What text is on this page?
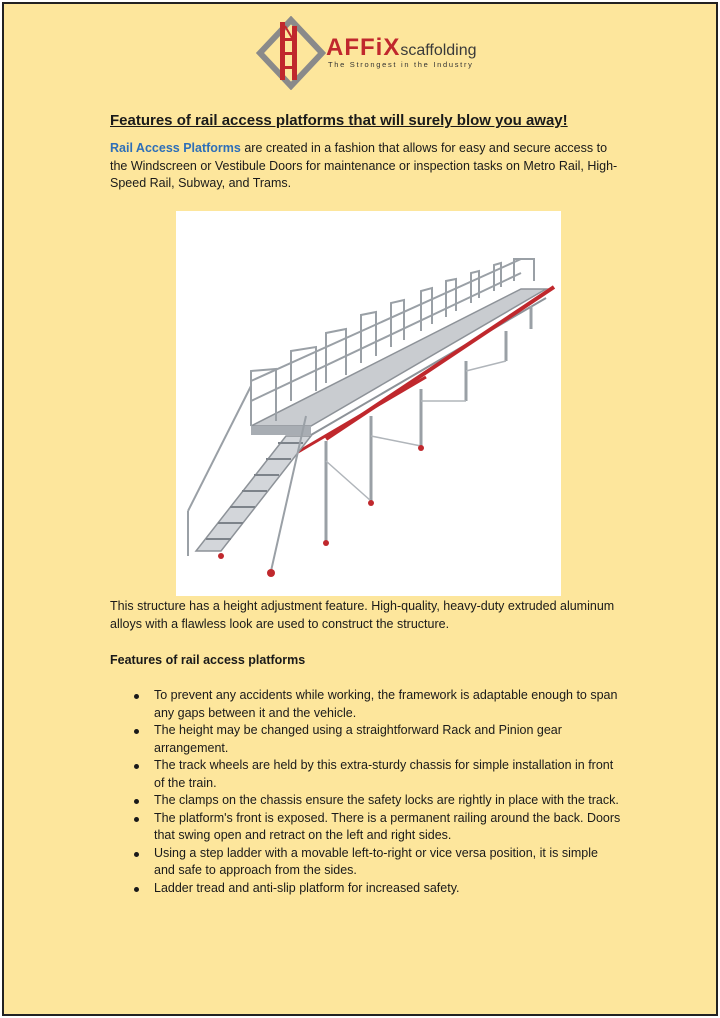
AFFiXscaffolding
The Strongest in the Industry
Features of rail access platforms that will surely blow you away!
Rail Access Platforms are created in a fashion that allows for easy and secure access to the Windscreen or Vestibule Doors for maintenance or inspection tasks on Metro Rail, High-Speed Rail, Subway, and Trams.
This structure has a height adjustment feature. High-quality, heavy-duty extruded aluminum alloys with a flawless look are used to construct the structure.
Features of rail access platforms
To prevent any accidents while working, the framework is adaptable enough to span any gaps between it and the vehicle.
The height may be changed using a straightforward Rack and Pinion gear arrangement.
The track wheels are held by this extra-sturdy chassis for simple installation in front of the train.
The clamps on the chassis ensure the safety locks are rightly in place with the track.
The platform's front is exposed. There is a permanent railing around the back. Doors that swing open and retract on the left and right sides.
Using a step ladder with a movable left-to-right or vice versa position, it is simple and safe to approach from the sides.
Ladder tread and anti-slip platform for increased safety.
